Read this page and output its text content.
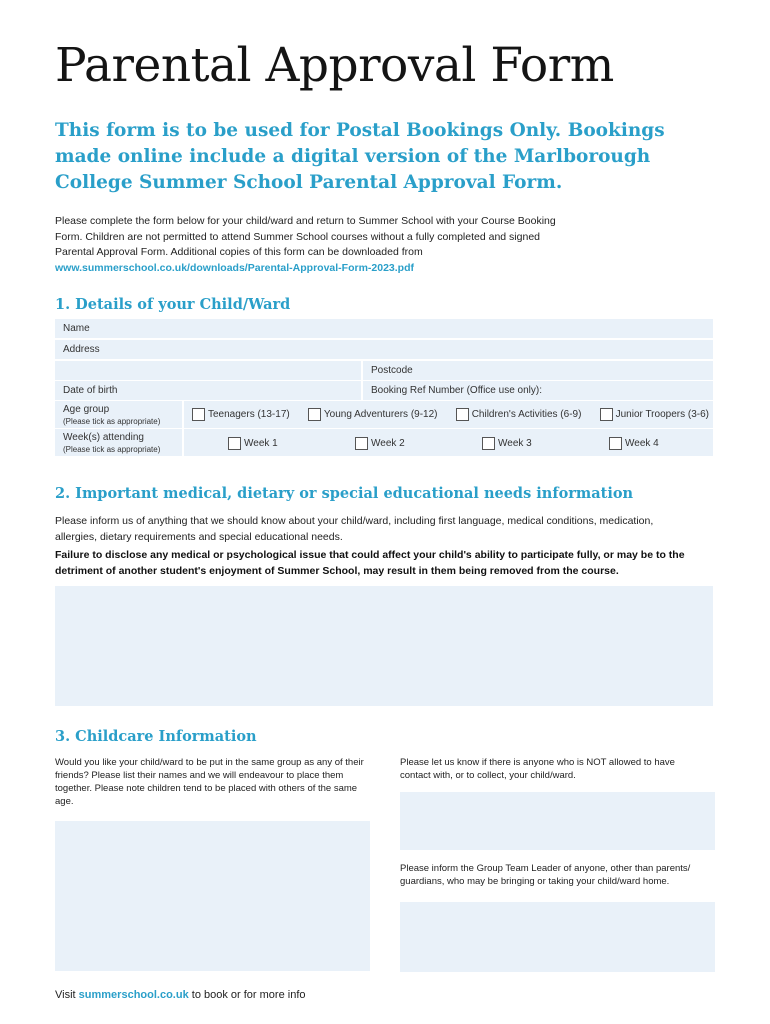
Parental Approval Form

This form is to be used for Postal Bookings Only. Bookings made online include a digital version of the Marlborough College Summer School Parental Approval Form.

Please complete the form below for your child/ward and return to Summer School with your Course Booking Form. Children are not permitted to attend Summer School courses without a fully completed and signed Parental Approval Form. Additional copies of this form can be downloaded from www.summerschool.co.uk/downloads/Parental-Approval-Form-2023.pdf
1. Details of your Child/Ward
Name
Address
Postcode
Date of birth	Booking Ref Number (Office use only):
Age group
(Please tick as appropriate)
Teenagers (13-17)	Young Adventurers (9-12)	Children's Activities (6-9)	Junior Troopers (3-6)
Week(s) attending
(Please tick as appropriate)
Week 1	Week 2	Week 3	Week 4
2. Important medical, dietary or special educational needs information
Please inform us of anything that we should know about your child/ward, including first language, medical conditions, medication, allergies, dietary requirements and special educational needs.
Failure to disclose any medical or psychological issue that could affect your child's ability to participate fully, or may be to the detriment of another student's enjoyment of Summer School, may result in them being removed from the course.
3. Childcare Information
Would you like your child/ward to be put in the same group as any of their friends? Please list their names and we will endeavour to place them together. Please note children tend to be placed with others of the same age.
Please let us know if there is anyone who is NOT allowed to have contact with, or to collect, your child/ward.
Please inform the Group Team Leader of anyone, other than parents/ guardians, who may be bringing or taking your child/ward home.
Visit summerschool.co.uk to book or for more info
